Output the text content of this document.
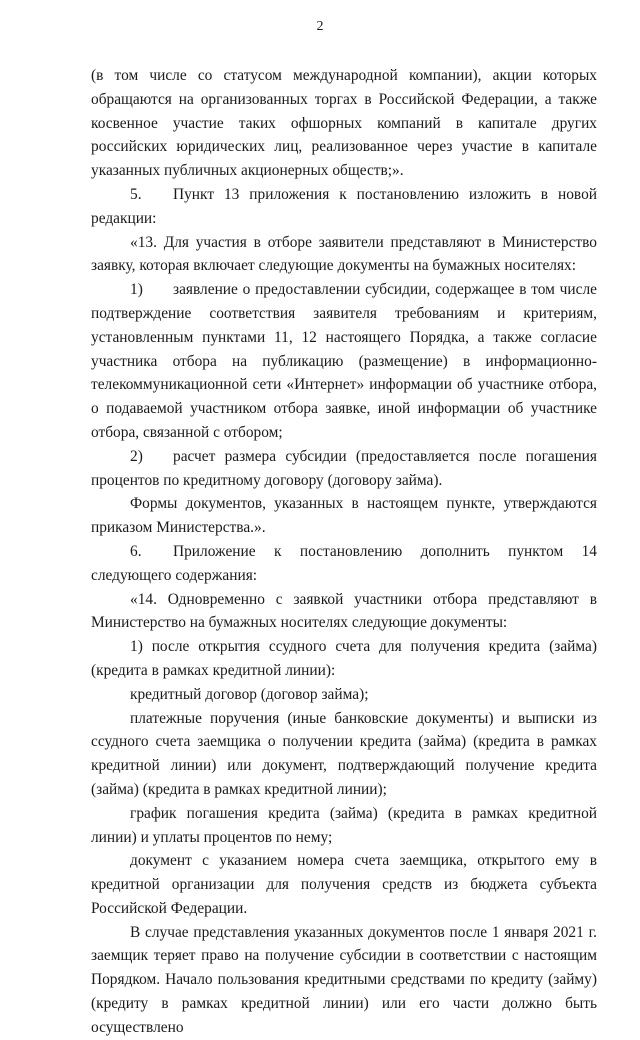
2

(в том числе со статусом международной компании), акции которых обращаются на организованных торгах в Российской Федерации, а также косвенное участие таких офшорных компаний в капитале других российских юридических лиц, реализованное через участие в капитале указанных публичных акционерных обществ;».

5. Пункт 13 приложения к постановлению изложить в новой редакции:

«13. Для участия в отборе заявители представляют в Министерство заявку, которая включает следующие документы на бумажных носителях:

1) заявление о предоставлении субсидии, содержащее в том числе подтверждение соответствия заявителя требованиям и критериям, установленным пунктами 11, 12 настоящего Порядка, а также согласие участника отбора на публикацию (размещение) в информационно-телекоммуникационной сети «Интернет» информации об участнике отбора, о подаваемой участником отбора заявке, иной информации об участнике отбора, связанной с отбором;

2) расчет размера субсидии (предоставляется после погашения процентов по кредитному договору (договору займа).

Формы документов, указанных в настоящем пункте, утверждаются приказом Министерства.».

6. Приложение к постановлению дополнить пунктом 14 следующего содержания:

«14. Одновременно с заявкой участники отбора представляют в Министерство на бумажных носителях следующие документы:

1) после открытия ссудного счета для получения кредита (займа) (кредита в рамках кредитной линии):

кредитный договор (договор займа);

платежные поручения (иные банковские документы) и выписки из ссудного счета заемщика о получении кредита (займа) (кредита в рамках кредитной линии) или документ, подтверждающий получение кредита (займа) (кредита в рамках кредитной линии);

график погашения кредита (займа) (кредита в рамках кредитной линии) и уплаты процентов по нему;

документ с указанием номера счета заемщика, открытого ему в кредитной организации для получения средств из бюджета субъекта Российской Федерации.

В случае представления указанных документов после 1 января 2021 г. заемщик теряет право на получение субсидии в соответствии с настоящим Порядком. Начало пользования кредитными средствами по кредиту (займу) (кредиту в рамках кредитной линии) или его части должно быть осуществлено
